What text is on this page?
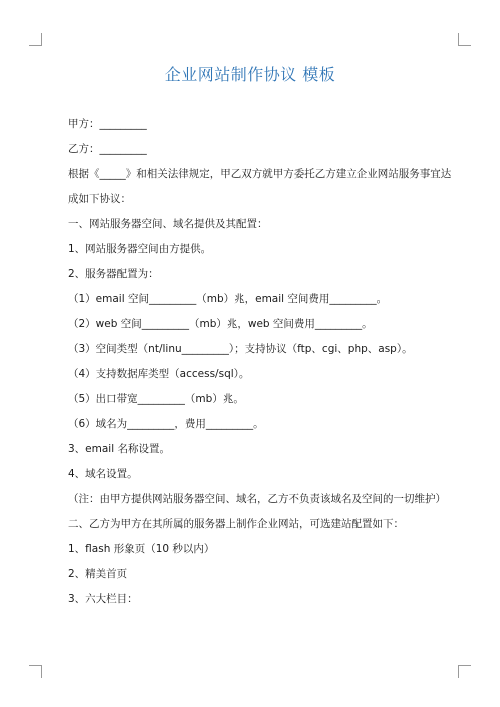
企业网站制作协议 模板

甲方：_________

乙方：_________

根据《_____》和相关法律规定，甲乙双方就甲方委托乙方建立企业网站服务事宜达成如下协议：

一、网站服务器空间、域名提供及其配置：

1、网站服务器空间由方提供。

2、服务器配置为：

（1）email 空间_________（mb）兆，email 空间费用_________。

（2）web 空间_________（mb）兆，web 空间费用_________。

（3）空间类型（nt/linu_________）；支持协议（ftp、cgi、php、asp）。

（4）支持数据库类型（access/sql）。

（5）出口带宽_________（mb）兆。

（6）域名为_________，费用_________。

3、email 名称设置。

4、域名设置。

（注：由甲方提供网站服务器空间、域名，乙方不负责该域名及空间的一切维护）

二、乙方为甲方在其所属的服务器上制作企业网站，可选建站配置如下：

1、flash 形象页（10 秒以内）

2、精美首页

3、六大栏目：
